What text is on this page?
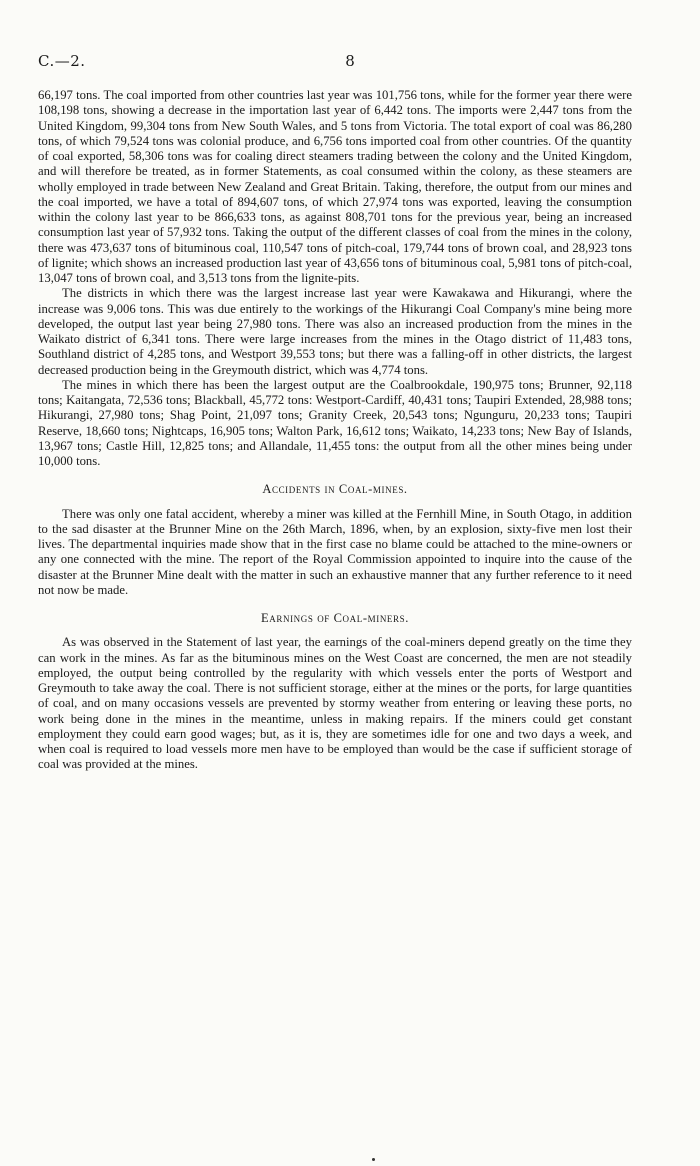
C.—2.	8

66,197 tons. The coal imported from other countries last year was 101,756 tons, while for the former year there were 108,198 tons, showing a decrease in the importation last year of 6,442 tons. The imports were 2,447 tons from the United Kingdom, 99,304 tons from New South Wales, and 5 tons from Victoria. The total export of coal was 86,280 tons, of which 79,524 tons was colonial produce, and 6,756 tons imported coal from other countries. Of the quantity of coal exported, 58,306 tons was for coaling direct steamers trading between the colony and the United Kingdom, and will therefore be treated, as in former Statements, as coal consumed within the colony, as these steamers are wholly employed in trade between New Zealand and Great Britain. Taking, therefore, the output from our mines and the coal imported, we have a total of 894,607 tons, of which 27,974 tons was exported, leaving the consumption within the colony last year to be 866,633 tons, as against 808,701 tons for the previous year, being an increased consumption last year of 57,932 tons. Taking the output of the different classes of coal from the mines in the colony, there was 473,637 tons of bituminous coal, 110,547 tons of pitch-coal, 179,744 tons of brown coal, and 28,923 tons of lignite; which shows an increased production last year of 43,656 tons of bituminous coal, 5,981 tons of pitch-coal, 13,047 tons of brown coal, and 3,513 tons from the lignite-pits.

The districts in which there was the largest increase last year were Kawakawa and Hikurangi, where the increase was 9,006 tons. This was due entirely to the workings of the Hikurangi Coal Company's mine being more developed, the output last year being 27,980 tons. There was also an increased production from the mines in the Waikato district of 6,341 tons. There were large increases from the mines in the Otago district of 11,483 tons, Southland district of 4,285 tons, and Westport 39,553 tons; but there was a falling-off in other districts, the largest decreased production being in the Greymouth district, which was 4,774 tons.

The mines in which there has been the largest output are the Coalbrookdale, 190,975 tons; Brunner, 92,118 tons; Kaitangata, 72,536 tons; Blackball, 45,772 tons: Westport-Cardiff, 40,431 tons; Taupiri Extended, 28,988 tons; Hikurangi, 27,980 tons; Shag Point, 21,097 tons; Granity Creek, 20,543 tons; Ngunguru, 20,233 tons; Taupiri Reserve, 18,660 tons; Nightcaps, 16,905 tons; Walton Park, 16,612 tons; Waikato, 14,233 tons; New Bay of Islands, 13,967 tons; Castle Hill, 12,825 tons; and Allandale, 11,455 tons: the output from all the other mines being under 10,000 tons.

Accidents in Coal-mines.

There was only one fatal accident, whereby a miner was killed at the Fernhill Mine, in South Otago, in addition to the sad disaster at the Brunner Mine on the 26th March, 1896, when, by an explosion, sixty-five men lost their lives. The departmental inquiries made show that in the first case no blame could be attached to the mine-owners or any one connected with the mine. The report of the Royal Commission appointed to inquire into the cause of the disaster at the Brunner Mine dealt with the matter in such an exhaustive manner that any further reference to it need not now be made.

Earnings of Coal-miners.

As was observed in the Statement of last year, the earnings of the coal-miners depend greatly on the time they can work in the mines. As far as the bituminous mines on the West Coast are concerned, the men are not steadily employed, the output being controlled by the regularity with which vessels enter the ports of Westport and Greymouth to take away the coal. There is not sufficient storage, either at the mines or the ports, for large quantities of coal, and on many occasions vessels are prevented by stormy weather from entering or leaving these ports, no work being done in the mines in the meantime, unless in making repairs. If the miners could get constant employment they could earn good wages; but, as it is, they are sometimes idle for one and two days a week, and when coal is required to load vessels more men have to be employed than would be the case if sufficient storage of coal was provided at the mines.
